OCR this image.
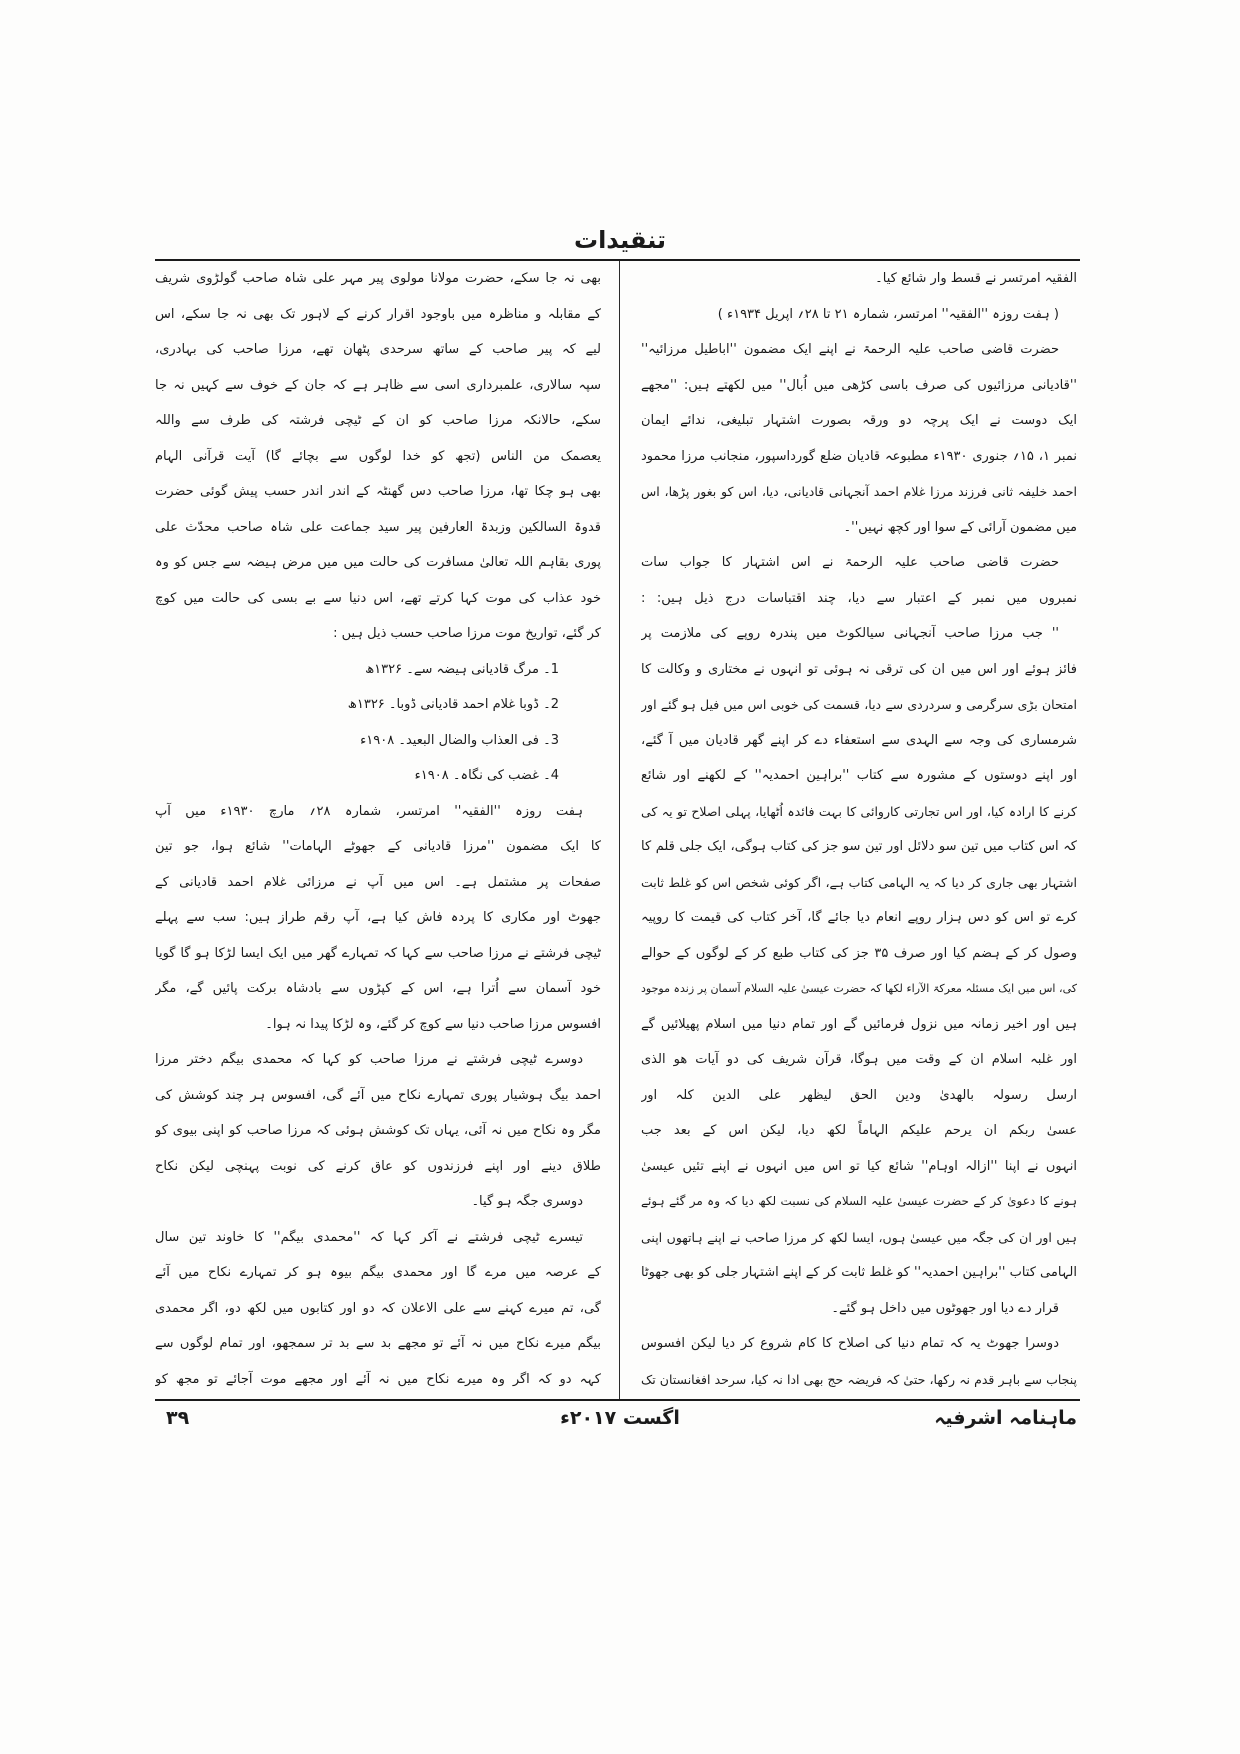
تنقیدات
الفقیہ امرتسر نے قسط وار شائع کیا۔
( ہفت روزہ ''الفقیہ'' امرتسر، شمارہ ۲۱ تا ۲۸؍ اپریل ۱۹۳۴ء )
حضرت قاضی صاحب علیہ الرحمۃ نے اپنے ایک مضمون ''اباطیل مرزائیہ''
''قادیانی مرزائیوں کی صرف باسی کڑھی میں اُبال'' میں لکھتے ہیں: ''مجھے
ایک دوست نے ایک پرچہ دو ورقہ بصورت اشتہار تبلیغی، ندائے ایمان
نمبر ۱، ۱۵؍ جنوری ۱۹۳۰ء مطبوعہ قادیان ضلع گورداسپور، منجانب مرزا محمود
احمد خلیفہ ثانی فرزند مرزا غلام احمد آنجہانی قادیانی، دیا، اس کو بغور پڑھا، اس
میں مضمون آرائی کے سوا اور کچھ نہیں''۔
حضرت قاضی صاحب علیہ الرحمۃ نے اس اشتہار کا جواب سات
نمبروں میں نمبر کے اعتبار سے دیا، چند اقتباسات درج ذیل ہیں: :
'' جب مرزا صاحب آنجہانی سیالکوٹ میں پندرہ روپے کی ملازمت پر
فائز ہوئے اور اس میں ان کی ترقی نہ ہوئی تو انہوں نے مختاری و وکالت کا
امتحان بڑی سرگرمی و سردردی سے دیا، قسمت کی خوبی اس میں فیل ہو گئے اور
شرمساری کی وجہ سے الہدی سے استعفاء دے کر اپنے گھر قادیان میں آ گئے،
اور اپنے دوستوں کے مشورہ سے کتاب ''براہین احمدیہ'' کے لکھنے اور شائع
کرنے کا ارادہ کیا، اور اس تجارتی کاروائی کا بہت فائدہ اُٹھایا، پہلی اصلاح تو یہ کی
کہ اس کتاب میں تین سو دلائل اور تین سو جز کی کتاب ہوگی، ایک جلی قلم کا
اشتہار بھی جاری کر دیا کہ یہ الہامی کتاب ہے، اگر کوئی شخص اس کو غلط ثابت
کرے تو اس کو دس ہزار روپے انعام دیا جائے گا، آخر کتاب کی قیمت کا روپیہ
وصول کر کے ہضم کیا اور صرف ۳۵ جز کی کتاب طبع کر کے لوگوں کے حوالے
کی، اس میں ایک مسئلہ معرکۃ الآراء لکھا کہ حضرت عیسیٰ علیہ السلام آسمان پر زندہ موجود
ہیں اور اخیر زمانہ میں نزول فرمائیں گے اور تمام دنیا میں اسلام پھیلائیں گے
اور غلبہ اسلام ان کے وقت میں ہوگا، قرآن شریف کی دو آیات ھو الذی
ارسل رسولہ بالھدیٰ ودین الحق لیظھر علی الدین کلہ اور
عسیٰ ربکم ان یرحم علیکم الہاماً لکھ دیا، لیکن اس کے بعد جب
انہوں نے اپنا ''ازالہ اوہام'' شائع کیا تو اس میں انہوں نے اپنے تئیں عیسیٰ
ہونے کا دعویٰ کر کے حضرت عیسیٰ علیہ السلام کی نسبت لکھ دیا کہ وہ مر گئے ہوئے
ہیں اور ان کی جگہ میں عیسیٰ ہوں، ایسا لکھ کر مرزا صاحب نے اپنے ہاتھوں اپنی
الہامی کتاب ''براہین احمدیہ'' کو غلط ثابت کر کے اپنے اشتہار جلی کو بھی جھوٹا
قرار دے دیا اور جھوٹوں میں داخل ہو گئے۔
دوسرا جھوٹ یہ کہ تمام دنیا کی اصلاح کا کام شروع کر دیا لیکن افسوس
پنجاب سے باہر قدم نہ رکھا، حتیٰ کہ فریضہ حج بھی ادا نہ کیا، سرحد افغانستان تک
بھی نہ جا سکے، حضرت مولانا مولوی پیر مہر علی شاہ صاحب گولڑوی شریف
کے مقابلہ و مناظرہ میں باوجود اقرار کرنے کے لاہور تک بھی نہ جا سکے، اس
لیے کہ پیر صاحب کے ساتھ سرحدی پٹھان تھے، مرزا صاحب کی بہادری،
سپہ سالاری، علمبرداری اسی سے ظاہر ہے کہ جان کے خوف سے کہیں نہ جا
سکے، حالانکہ مرزا صاحب کو ان کے ٹیچی فرشتہ کی طرف سے واللہ
یعصمک من الناس (تجھ کو خدا لوگوں سے بچائے گا) آیت قرآنی الہام
بھی ہو چکا تھا، مرزا صاحب دس گھنٹہ کے اندر اندر حسب پیش گوئی حضرت
قدوۃ السالکین وزبدۃ العارفین پیر سید جماعت علی شاہ صاحب محدّث علی
پوری بقاہم اللہ تعالیٰ مسافرت کی حالت میں میں مرض ہیضہ سے جس کو وہ
خود عذاب کی موت کہا کرتے تھے، اس دنیا سے بے بسی کی حالت میں کوچ
کر گئے، تواریخ موت مرزا صاحب حسب ذیل ہیں :
1۔ مرگ قادیانی ہیضہ سے۔ ۱۳۲۶ھ
2۔ ڈوبا غلام احمد قادیانی ڈوبا۔ ۱۳۲۶ھ
3۔ فی العذاب والضال البعید۔ ۱۹۰۸ء
4۔ غضب کی نگاہ۔ ۱۹۰۸ء
ہفت روزہ ''الفقیہ'' امرتسر، شمارہ ۲۸؍ مارچ ۱۹۳۰ء میں آپ
کا ایک مضمون ''مرزا قادیانی کے جھوٹے الہامات'' شائع ہوا، جو تین
صفحات پر مشتمل ہے۔ اس میں آپ نے مرزائی غلام احمد قادیانی کے
جھوٹ اور مکاری کا پردہ فاش کیا ہے، آپ رقم طراز ہیں: سب سے پہلے
ٹیچی فرشتے نے مرزا صاحب سے کہا کہ تمہارے گھر میں ایک ایسا لڑکا ہو گا گویا
خود آسمان سے اُترا ہے، اس کے کپڑوں سے بادشاہ برکت پائیں گے، مگر
افسوس مرزا صاحب دنیا سے کوچ کر گئے، وہ لڑکا پیدا نہ ہوا۔
دوسرے ٹیچی فرشتے نے مرزا صاحب کو کہا کہ محمدی بیگم دختر مرزا
احمد بیگ ہوشیار پوری تمہارے نکاح میں آئے گی، افسوس ہر چند کوشش کی
مگر وہ نکاح میں نہ آئی، یہاں تک کوشش ہوئی کہ مرزا صاحب کو اپنی بیوی کو
طلاق دینے اور اپنے فرزندوں کو عاق کرنے کی نوبت پہنچی لیکن نکاح
دوسری جگہ ہو گیا۔
تیسرے ٹیچی فرشتے نے آکر کہا کہ ''محمدی بیگم'' کا خاوند تین سال
کے عرصہ میں مرے گا اور محمدی بیگم بیوہ ہو کر تمہارے نکاح میں آئے
گی، تم میرے کہنے سے علی الاعلان کہ دو اور کتابوں میں لکھ دو، اگر محمدی
بیگم میرے نکاح میں نہ آئے تو مجھے بد سے بد تر سمجھو، اور تمام لوگوں سے
کہہ دو کہ اگر وہ میرے نکاح میں نہ آئے اور مجھے موت آجائے تو مجھ کو
ماہنامہ اشرفیہ
اگست ۲۰۱۷ء
۳۹
